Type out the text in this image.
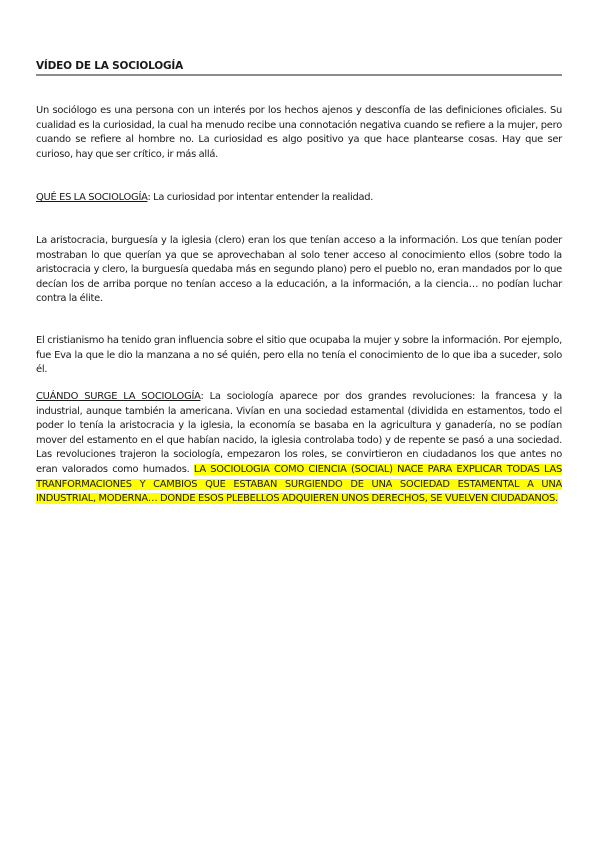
VÍDEO DE LA SOCIOLOGÍA

Un sociólogo es una persona con un interés por los hechos ajenos y desconfía de las definiciones oficiales. Su cualidad es la curiosidad, la cual ha menudo recibe una connotación negativa cuando se refiere a la mujer, pero cuando se refiere al hombre no. La curiosidad es algo positivo ya que hace plantearse cosas. Hay que ser curioso, hay que ser crítico, ir más allá.

QUÉ ES LA SOCIOLOGÍA: La curiosidad por intentar entender la realidad.

La aristocracia, burguesía y la iglesia (clero) eran los que tenían acceso a la información. Los que tenían poder mostraban lo que querían ya que se aprovechaban al solo tener acceso al conocimiento ellos (sobre todo la aristocracia y clero, la burguesía quedaba más en segundo plano) pero el pueblo no, eran mandados por lo que decían los de arriba porque no tenían acceso a la educación, a la información, a la ciencia… no podían luchar contra la élite.

El cristianismo ha tenido gran influencia sobre el sitio que ocupaba la mujer y sobre la información. Por ejemplo, fue Eva la que le dio la manzana a no sé quién, pero ella no tenía el conocimiento de lo que iba a suceder, solo él.

CUÁNDO SURGE LA SOCIOLOGÍA: La sociología aparece por dos grandes revoluciones: la francesa y la industrial, aunque también la americana. Vivían en una sociedad estamental (dividida en estamentos, todo el poder lo tenía la aristocracia y la iglesia, la economía se basaba en la agricultura y ganadería, no se podían mover del estamento en el que habían nacido, la iglesia controlaba todo) y de repente se pasó a una sociedad. Las revoluciones trajeron la sociología, empezaron los roles, se convirtieron en ciudadanos los que antes no eran valorados como humados. LA SOCIOLOGIA COMO CIENCIA (SOCIAL) NACE PARA EXPLICAR TODAS LAS TRANFORMACIONES Y CAMBIOS QUE ESTABAN SURGIENDO DE UNA SOCIEDAD ESTAMENTAL A UNA INDUSTRIAL, MODERNA… DONDE ESOS PLEBELLOS ADQUIEREN UNOS DERECHOS, SE VUELVEN CIUDADANOS.
